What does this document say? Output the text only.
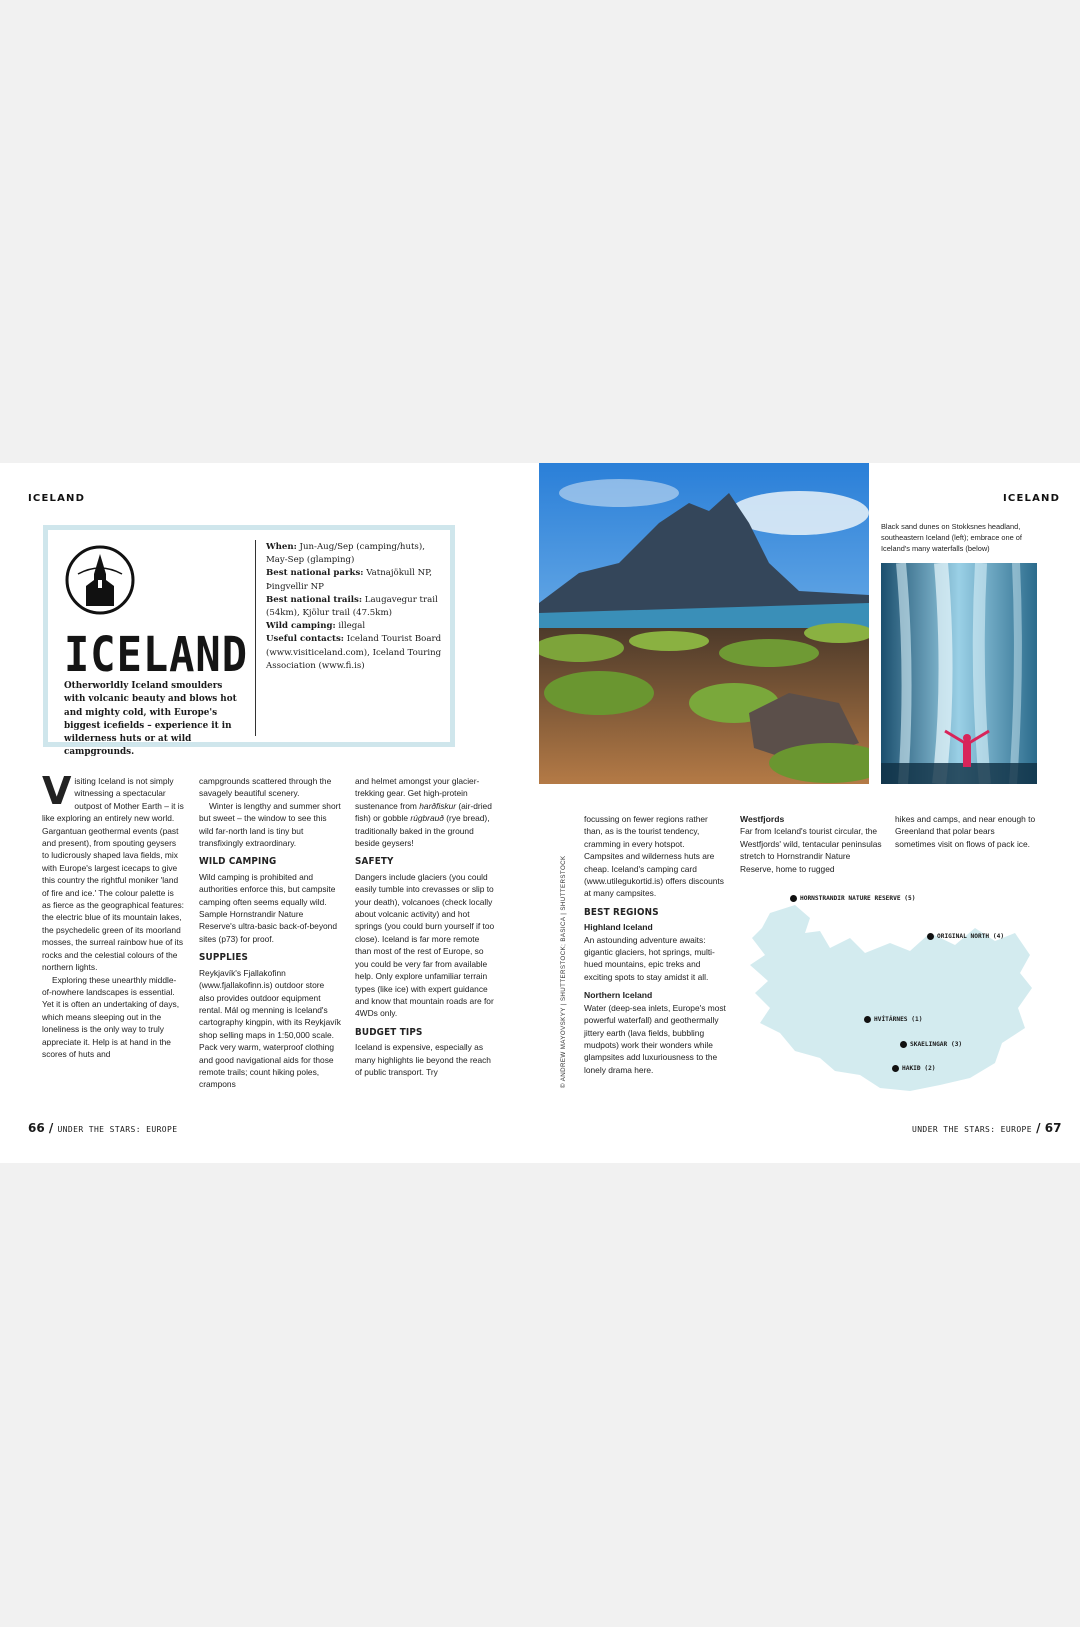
ICELAND	ICELAND
ICELAND
Otherworldly Iceland smoulders with volcanic beauty and blows hot and mighty cold, with Europe's biggest icefields – experience it in wilderness huts or at wild campgrounds.
When: Jun-Aug/Sep (camping/huts), May-Sep (glamping)
Best national parks: Vatnajökull NP, Þingvellir NP
Best national trails: Laugavegur trail (54km), Kjölur trail (47.5km)
Wild camping: illegal
Useful contacts: Iceland Tourist Board (www.visiticeland.com), Iceland Touring Association (www.fi.is)

Visiting Iceland is not simply witnessing a spectacular outpost of Mother Earth – it is like exploring an entirely new world. Gargantuan geothermal events (past and present), from spouting geysers to ludicrously shaped lava fields, mix with Europe's largest icecaps to give this country the rightful moniker 'land of fire and ice.' The colour palette is as fierce as the geographical features: the electric blue of its mountain lakes, the psychedelic green of its moorland mosses, the surreal rainbow hue of its rocks and the celestial colours of the northern lights.

Exploring these unearthly middle-of-nowhere landscapes is essential. Yet it is often an undertaking of days, which means sleeping out in the loneliness is the only way to truly appreciate it. Help is at hand in the scores of huts and

campgrounds scattered through the savagely beautiful scenery.

Winter is lengthy and summer short but sweet – the window to see this wild far-north land is tiny but transfixingly extraordinary.

WILD CAMPING

Wild camping is prohibited and authorities enforce this, but campsite camping often seems equally wild. Sample Hornstrandir Nature Reserve's ultra-basic back-of-beyond sites (p73) for proof.

SUPPLIES

Reykjavík's Fjallakofinn (www.fjallakofinn.is) outdoor store also provides outdoor equipment rental. Mál og menning is Iceland's cartography kingpin, with its Reykjavík shop selling maps in 1:50,000 scale. Pack very warm, waterproof clothing and good navigational aids for those remote trails; count hiking poles, crampons

and helmet amongst your glacier-trekking gear. Get high-protein sustenance from harðfiskur (air-dried fish) or gobble rúgbrauð (rye bread), traditionally baked in the ground beside geysers!

SAFETY

Dangers include glaciers (you could easily tumble into crevasses or slip to your death), volcanoes (check locally about volcanic activity) and hot springs (you could burn yourself if too close). Iceland is far more remote than most of the rest of Europe, so you could be very far from available help. Only explore unfamiliar terrain types (like ice) with expert guidance and know that mountain roads are for 4WDs only.

BUDGET TIPS

Iceland is expensive, especially as many highlights lie beyond the reach of public transport. Try

Black sand dunes on Stokksnes headland, southeastern Iceland (left); embrace one of Iceland's many waterfalls (below)
© ANDREW MAYOVSKYY | SHUTTERSTOCK; BASICA | SHUTTERSTOCK

focussing on fewer regions rather than, as is the tourist tendency, cramming in every hotspot. Campsites and wilderness huts are cheap. Iceland's camping card (www.utilegukortid.is) offers discounts at many campsites.

BEST REGIONS
Highland Iceland

An astounding adventure awaits: gigantic glaciers, hot springs, multi-hued mountains, epic treks and exciting spots to stay amidst it all.

Northern Iceland

Water (deep-sea inlets, Europe's most powerful waterfall) and geothermally jittery earth (lava fields, bubbling mudpots) work their wonders while glampsites add luxuriousness to the lonely drama here.

Westfjords

Far from Iceland's tourist circular, the Westfjords' wild, tentacular peninsulas stretch to Hornstrandir Nature Reserve, home to rugged

hikes and camps, and near enough to Greenland that polar bears sometimes visit on flows of pack ice.

HORNSTRANDIR NATURE RESERVE (5)
ORIGINAL NORTH (4)
HVÍTÁRNES (1)
SKAELINGAR (3)
HAKIÐ (2)
66 / UNDER THE STARS: EUROPE	UNDER THE STARS: EUROPE / 67
